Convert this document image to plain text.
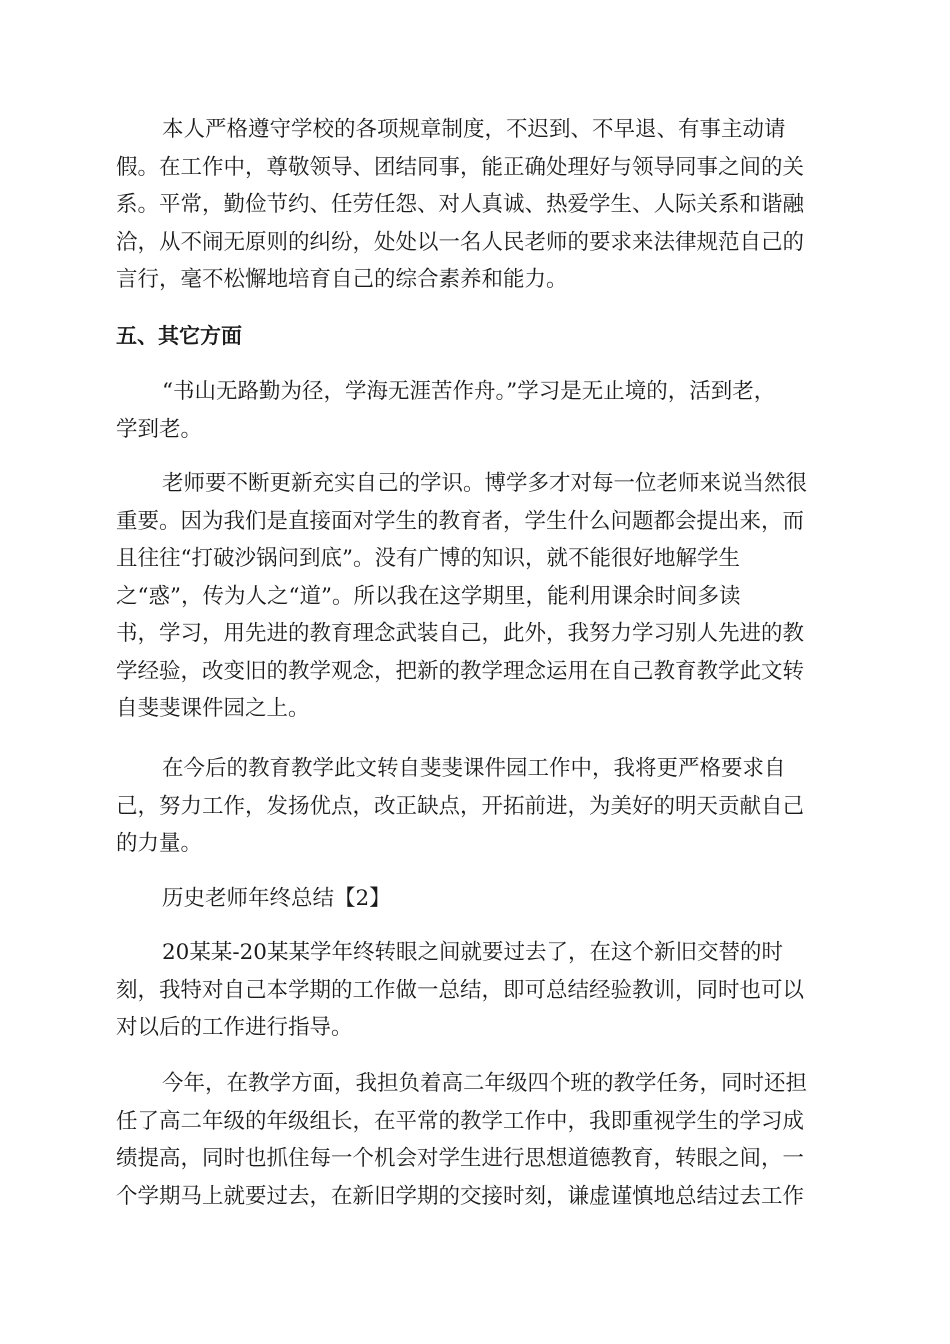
本人严格遵守学校的各项规章制度，不迟到、不早退、有事主动请
假。在工作中，尊敬领导、团结同事，能正确处理好与领导同事之间的关
系。平常，勤俭节约、任劳任怨、对人真诚、热爱学生、人际关系和谐融
洽，从不闹无原则的纠纷，处处以一名人民老师的要求来法律规范自己的
言行，毫不松懈地培育自己的综合素养和能力。
五、其它方面
“书山无路勤为径，学海无涯苦作舟。”学习是无止境的，活到老，
学到老。
老师要不断更新充实自己的学识。博学多才对每一位老师来说当然很
重要。因为我们是直接面对学生的教育者，学生什么问题都会提出来，而
且往往“打破沙锅问到底”。没有广博的知识，就不能很好地解学生
之“惑”，传为人之“道”。所以我在这学期里，能利用课余时间多读
书，学习，用先进的教育理念武装自己，此外，我努力学习别人先进的教
学经验，改变旧的教学观念，把新的教学理念运用在自己教育教学此文转
自斐斐课件园之上。
在今后的教育教学此文转自斐斐课件园工作中，我将更严格要求自
己，努力工作，发扬优点，改正缺点，开拓前进，为美好的明天贡献自己
的力量。
历史老师年终总结【2】
20某某-20某某学年终转眼之间就要过去了，在这个新旧交替的时
刻，我特对自己本学期的工作做一总结，即可总结经验教训，同时也可以
对以后的工作进行指导。
今年，在教学方面，我担负着高二年级四个班的教学任务，同时还担
任了高二年级的年级组长，在平常的教学工作中，我即重视学生的学习成
绩提高，同时也抓住每一个机会对学生进行思想道德教育，转眼之间，一
个学期马上就要过去，在新旧学期的交接时刻，谦虚谨慎地总结过去工作
